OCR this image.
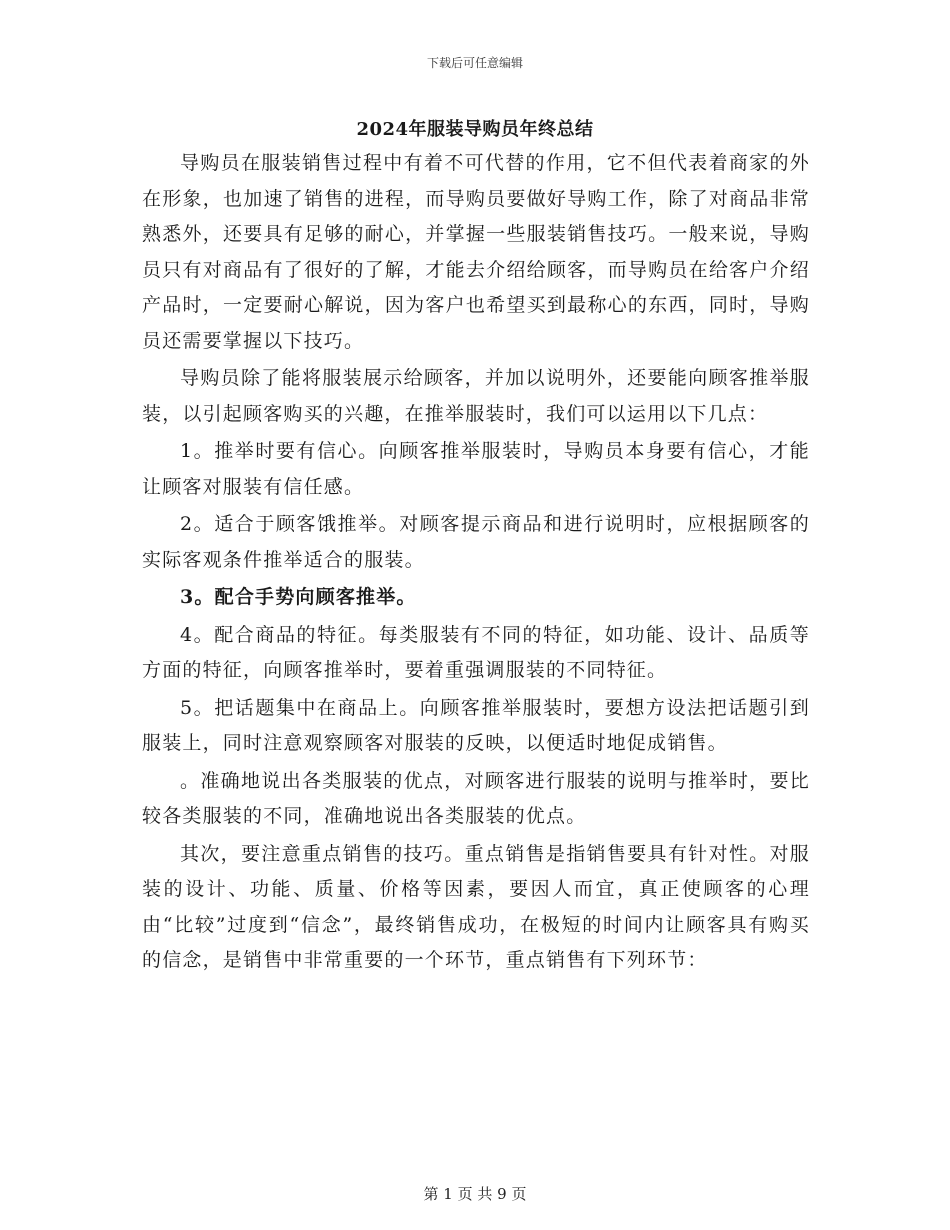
下载后可任意编辑
2024年服装导购员年终总结

导购员在服装销售过程中有着不可代替的作用，它不但代表着商家的外在形象，也加速了销售的进程，而导购员要做好导购工作，除了对商品非常熟悉外，还要具有足够的耐心，并掌握一些服装销售技巧。一般来说，导购员只有对商品有了很好的了解，才能去介绍给顾客，而导购员在给客户介绍产品时，一定要耐心解说，因为客户也希望买到最称心的东西，同时，导购员还需要掌握以下技巧。

导购员除了能将服装展示给顾客，并加以说明外，还要能向顾客推举服装，以引起顾客购买的兴趣，在推举服装时，我们可以运用以下几点：

1。推举时要有信心。向顾客推举服装时，导购员本身要有信心，才能让顾客对服装有信任感。

2。适合于顾客饿推举。对顾客提示商品和进行说明时，应根据顾客的实际客观条件推举适合的服装。

3。配合手势向顾客推举。

4。配合商品的特征。每类服装有不同的特征，如功能、设计、品质等方面的特征，向顾客推举时，要着重强调服装的不同特征。

5。把话题集中在商品上。向顾客推举服装时，要想方设法把话题引到服装上，同时注意观察顾客对服装的反映，以便适时地促成销售。

。准确地说出各类服装的优点，对顾客进行服装的说明与推举时，要比较各类服装的不同，准确地说出各类服装的优点。

其次，要注意重点销售的技巧。重点销售是指销售要具有针对性。对服装的设计、功能、质量、价格等因素，要因人而宜，真正使顾客的心理由“比较”过度到“信念”，最终销售成功，在极短的时间内让顾客具有购买的信念，是销售中非常重要的一个环节，重点销售有下列环节：

第 1 页 共 9 页
